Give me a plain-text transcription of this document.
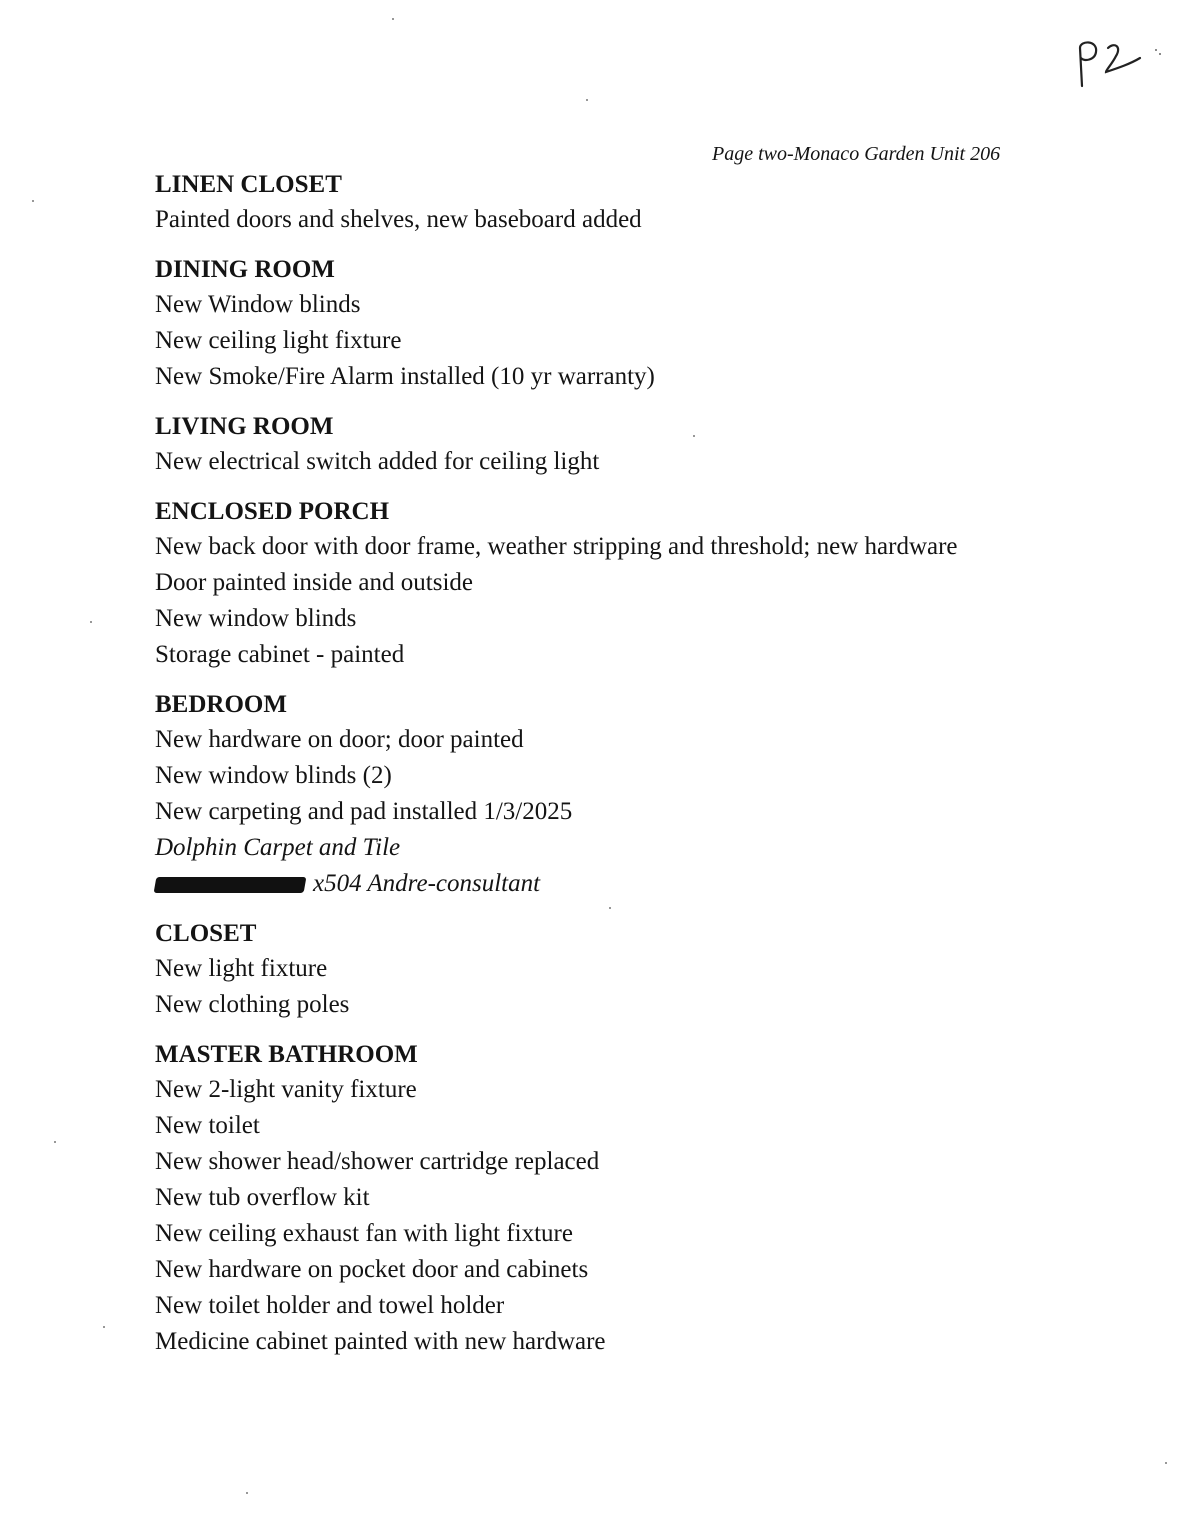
Page two-Monaco Garden Unit 206
LINEN CLOSET
Painted doors and shelves, new baseboard added
DINING ROOM
New Window blinds
New ceiling light fixture
New Smoke/Fire Alarm installed (10 yr warranty)
LIVING ROOM
New electrical switch added for ceiling light
ENCLOSED PORCH
New back door with door frame, weather stripping and threshold; new hardware
Door painted inside and outside
New window blinds
Storage cabinet - painted
BEDROOM
New hardware on door; door painted
New window blinds (2)
New carpeting and pad installed 1/3/2025
Dolphin Carpet and Tile
x504 Andre-consultant
CLOSET
New light fixture
New clothing poles
MASTER BATHROOM
New 2-light vanity fixture
New toilet
New shower head/shower cartridge replaced
New tub overflow kit
New ceiling exhaust fan with light fixture
New hardware on pocket door and cabinets
New toilet holder and towel holder
Medicine cabinet painted with new hardware
